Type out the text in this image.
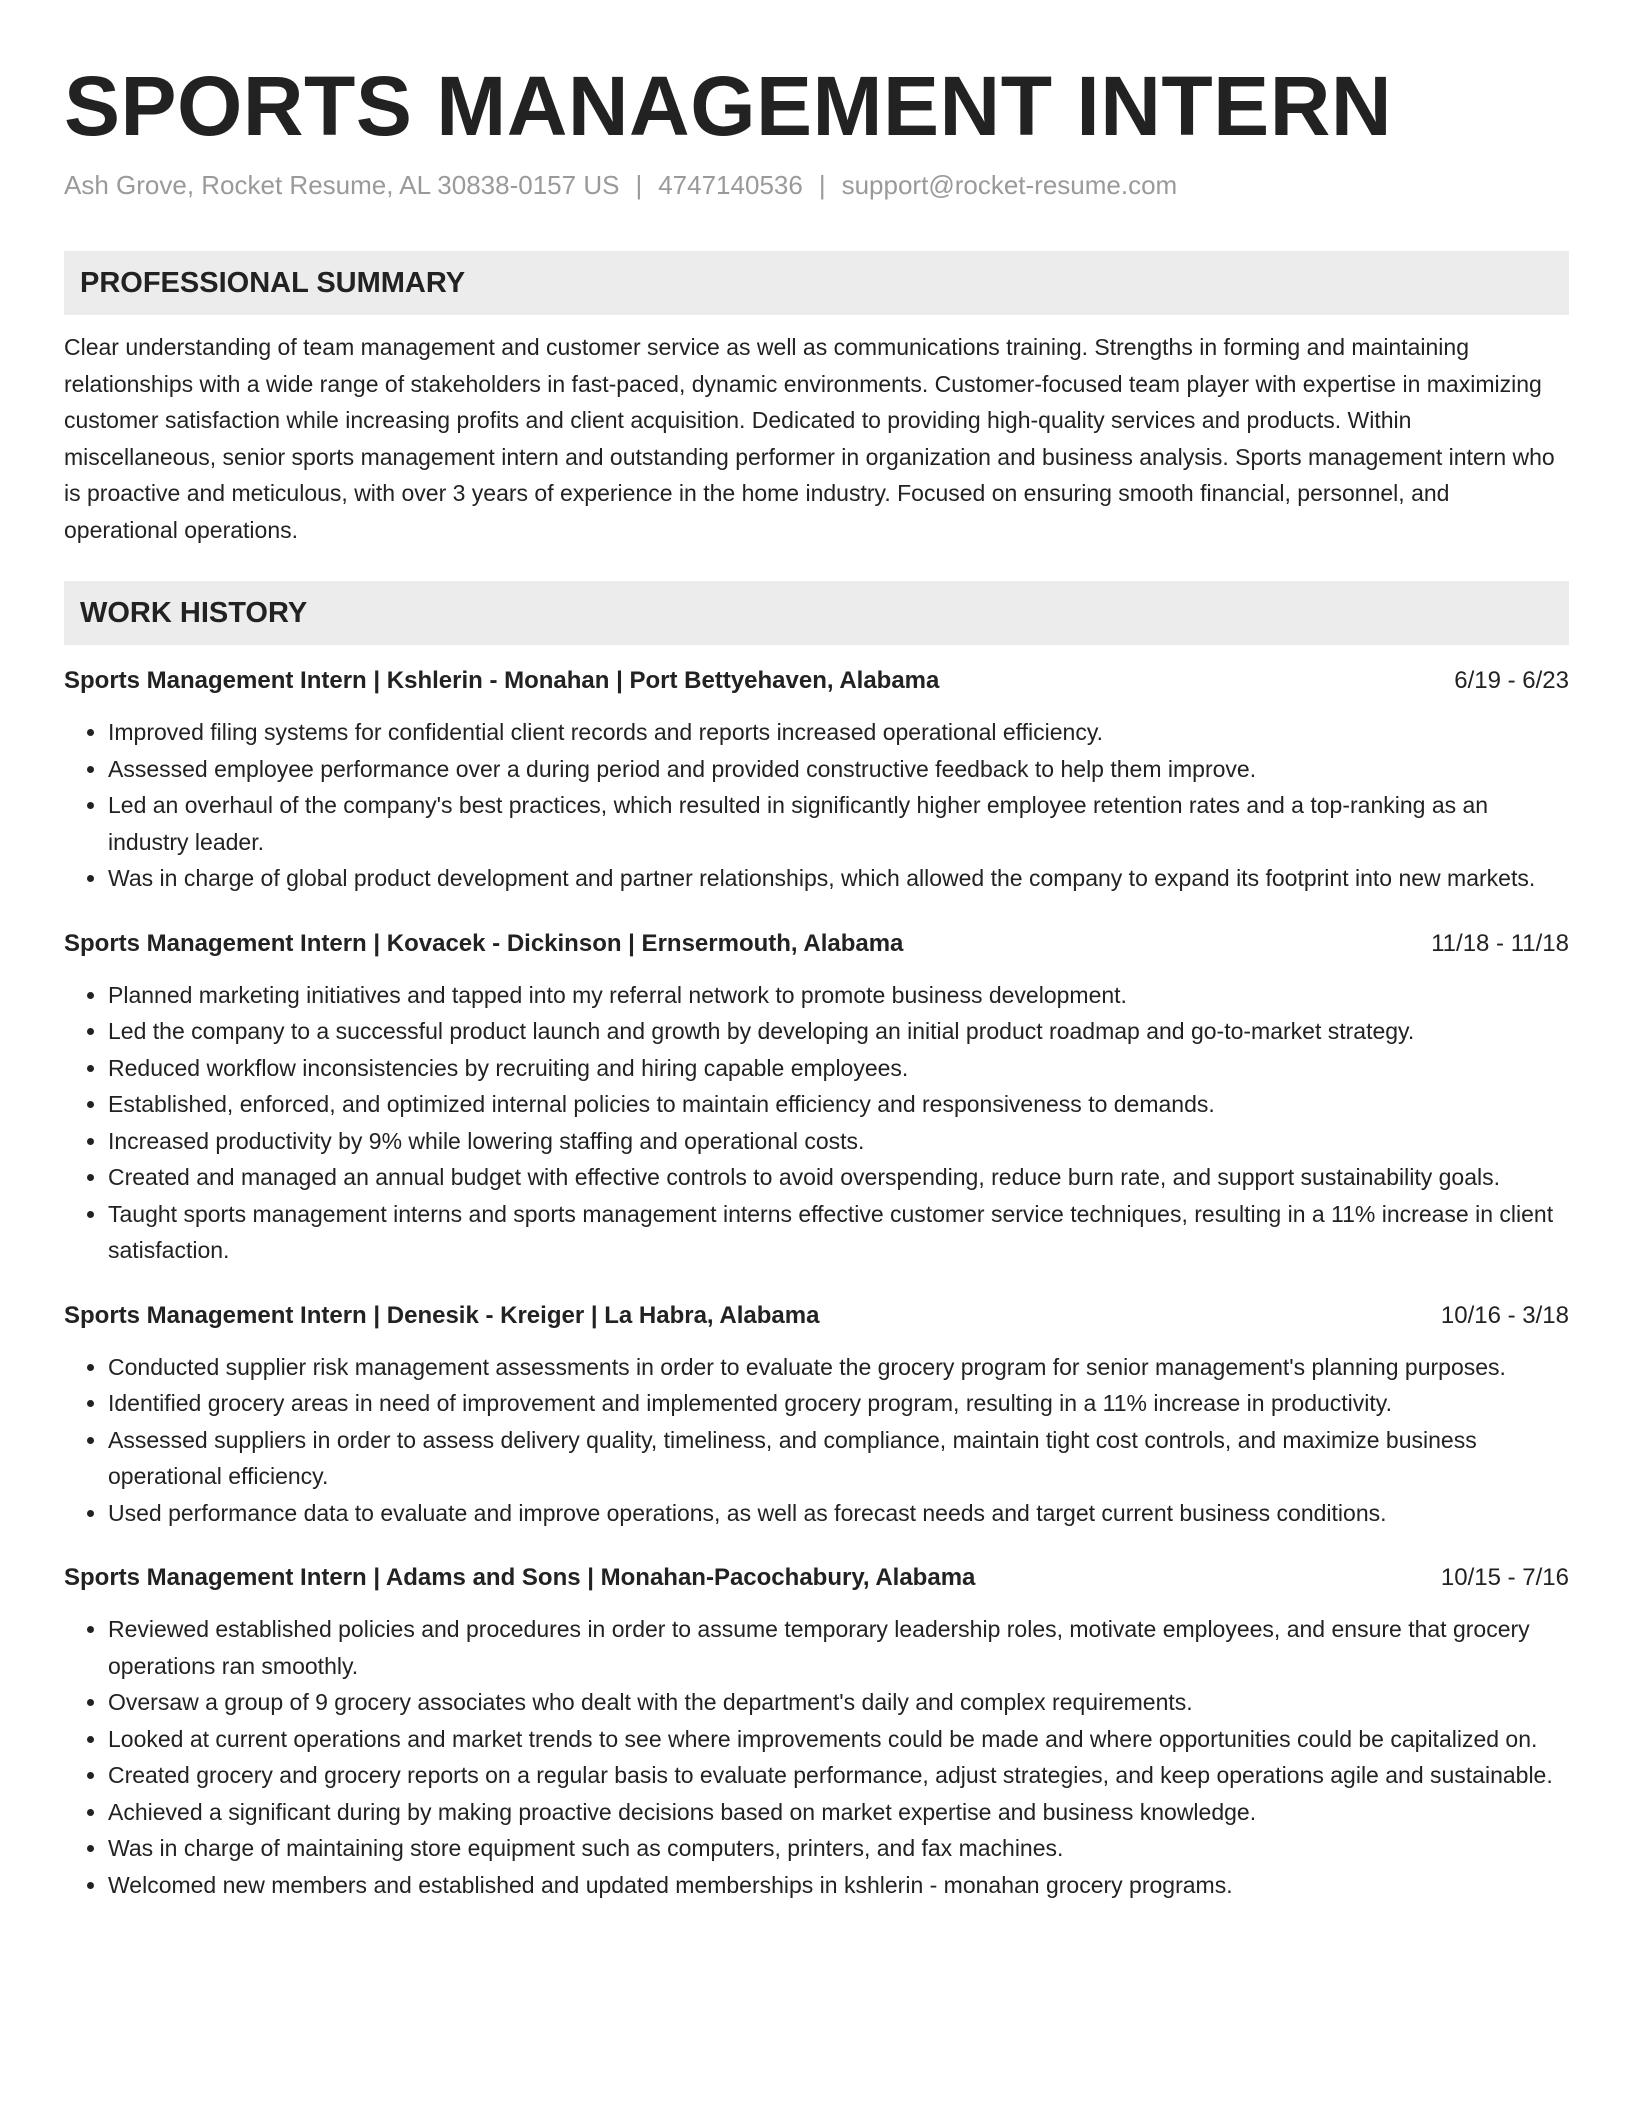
SPORTS MANAGEMENT INTERN
Ash Grove, Rocket Resume, AL 30838-0157 US | 4747140536 | support@rocket-resume.com
PROFESSIONAL SUMMARY

Clear understanding of team management and customer service as well as communications training. Strengths in forming and maintaining relationships with a wide range of stakeholders in fast-paced, dynamic environments. Customer-focused team player with expertise in maximizing customer satisfaction while increasing profits and client acquisition. Dedicated to providing high-quality services and products. Within miscellaneous, senior sports management intern and outstanding performer in organization and business analysis. Sports management intern who is proactive and meticulous, with over 3 years of experience in the home industry. Focused on ensuring smooth financial, personnel, and operational operations.

WORK HISTORY
Sports Management Intern | Kshlerin - Monahan | Port Bettyehaven, Alabama	6/19 - 6/23
• Improved filing systems for confidential client records and reports increased operational efficiency.
• Assessed employee performance over a during period and provided constructive feedback to help them improve.
• Led an overhaul of the company's best practices, which resulted in significantly higher employee retention rates and a top-ranking as an industry leader.
• Was in charge of global product development and partner relationships, which allowed the company to expand its footprint into new markets.
Sports Management Intern | Kovacek - Dickinson | Ernsermouth, Alabama	11/18 - 11/18
• Planned marketing initiatives and tapped into my referral network to promote business development.
• Led the company to a successful product launch and growth by developing an initial product roadmap and go-to-market strategy.
• Reduced workflow inconsistencies by recruiting and hiring capable employees.
• Established, enforced, and optimized internal policies to maintain efficiency and responsiveness to demands.
• Increased productivity by 9% while lowering staffing and operational costs.
• Created and managed an annual budget with effective controls to avoid overspending, reduce burn rate, and support sustainability goals.
• Taught sports management interns and sports management interns effective customer service techniques, resulting in a 11% increase in client satisfaction.
Sports Management Intern | Denesik - Kreiger | La Habra, Alabama	10/16 - 3/18
• Conducted supplier risk management assessments in order to evaluate the grocery program for senior management's planning purposes.
• Identified grocery areas in need of improvement and implemented grocery program, resulting in a 11% increase in productivity.
• Assessed suppliers in order to assess delivery quality, timeliness, and compliance, maintain tight cost controls, and maximize business operational efficiency.
• Used performance data to evaluate and improve operations, as well as forecast needs and target current business conditions.
Sports Management Intern | Adams and Sons | Monahan-Pacochabury, Alabama	10/15 - 7/16
• Reviewed established policies and procedures in order to assume temporary leadership roles, motivate employees, and ensure that grocery operations ran smoothly.
• Oversaw a group of 9 grocery associates who dealt with the department's daily and complex requirements.
• Looked at current operations and market trends to see where improvements could be made and where opportunities could be capitalized on.
• Created grocery and grocery reports on a regular basis to evaluate performance, adjust strategies, and keep operations agile and sustainable.
• Achieved a significant during by making proactive decisions based on market expertise and business knowledge.
• Was in charge of maintaining store equipment such as computers, printers, and fax machines.
• Welcomed new members and established and updated memberships in kshlerin - monahan grocery programs.
